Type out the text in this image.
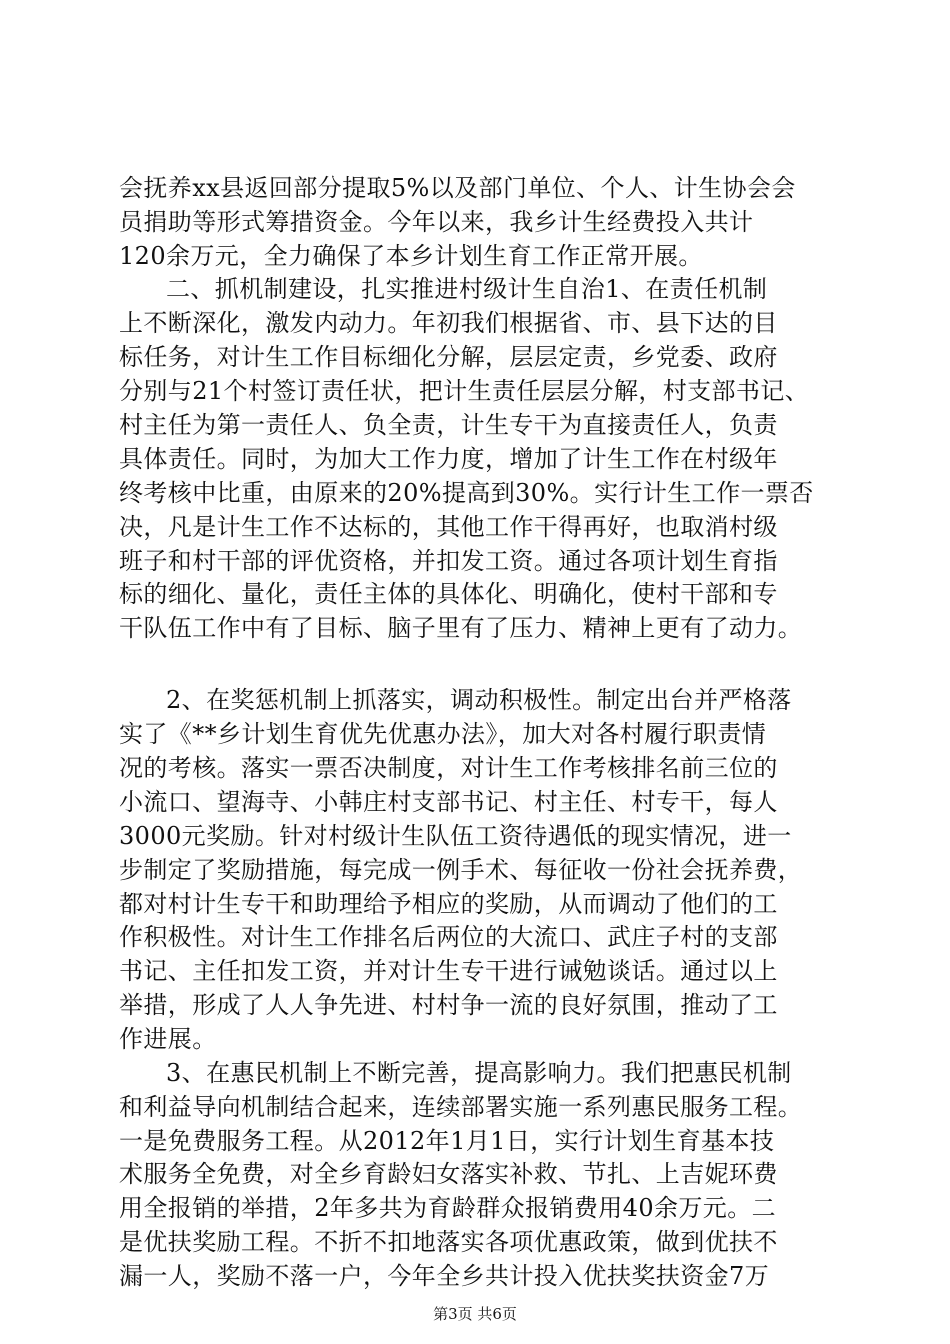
会抚养xx县返回部分提取5%以及部门单位、个人、计生协会会
员捐助等形式筹措资金。今年以来，我乡计生经费投入共计
120余万元，全力确保了本乡计划生育工作正常开展。
二、抓机制建设，扎实推进村级计生自治1、在责任机制
上不断深化，激发内动力。年初我们根据省、市、县下达的目
标任务，对计生工作目标细化分解，层层定责，乡党委、政府
分别与21个村签订责任状，把计生责任层层分解，村支部书记、
村主任为第一责任人、负全责，计生专干为直接责任人，负责
具体责任。同时，为加大工作力度，增加了计生工作在村级年
终考核中比重，由原来的20%提高到30%。实行计生工作一票否
决，凡是计生工作不达标的，其他工作干得再好，也取消村级
班子和村干部的评优资格，并扣发工资。通过各项计划生育指
标的细化、量化，责任主体的具体化、明确化，使村干部和专
干队伍工作中有了目标、脑子里有了压力、精神上更有了动力。
2、在奖惩机制上抓落实，调动积极性。制定出台并严格落
实了《**乡计划生育优先优惠办法》，加大对各村履行职责情
况的考核。落实一票否决制度，对计生工作考核排名前三位的
小流口、望海寺、小韩庄村支部书记、村主任、村专干，每人
3000元奖励。针对村级计生队伍工资待遇低的现实情况，进一
步制定了奖励措施，每完成一例手术、每征收一份社会抚养费，
都对村计生专干和助理给予相应的奖励，从而调动了他们的工
作积极性。对计生工作排名后两位的大流口、武庄子村的支部
书记、主任扣发工资，并对计生专干进行诫勉谈话。通过以上
举措，形成了人人争先进、村村争一流的良好氛围，推动了工
作进展。
3、在惠民机制上不断完善，提高影响力。我们把惠民机制
和利益导向机制结合起来，连续部署实施一系列惠民服务工程。
一是免费服务工程。从2012年1月1日，实行计划生育基本技
术服务全免费，对全乡育龄妇女落实补救、节扎、上吉妮环费
用全报销的举措，2年多共为育龄群众报销费用40余万元。二
是优扶奖励工程。不折不扣地落实各项优惠政策，做到优扶不
漏一人，奖励不落一户，今年全乡共计投入优扶奖扶资金7万
第3页 共6页
